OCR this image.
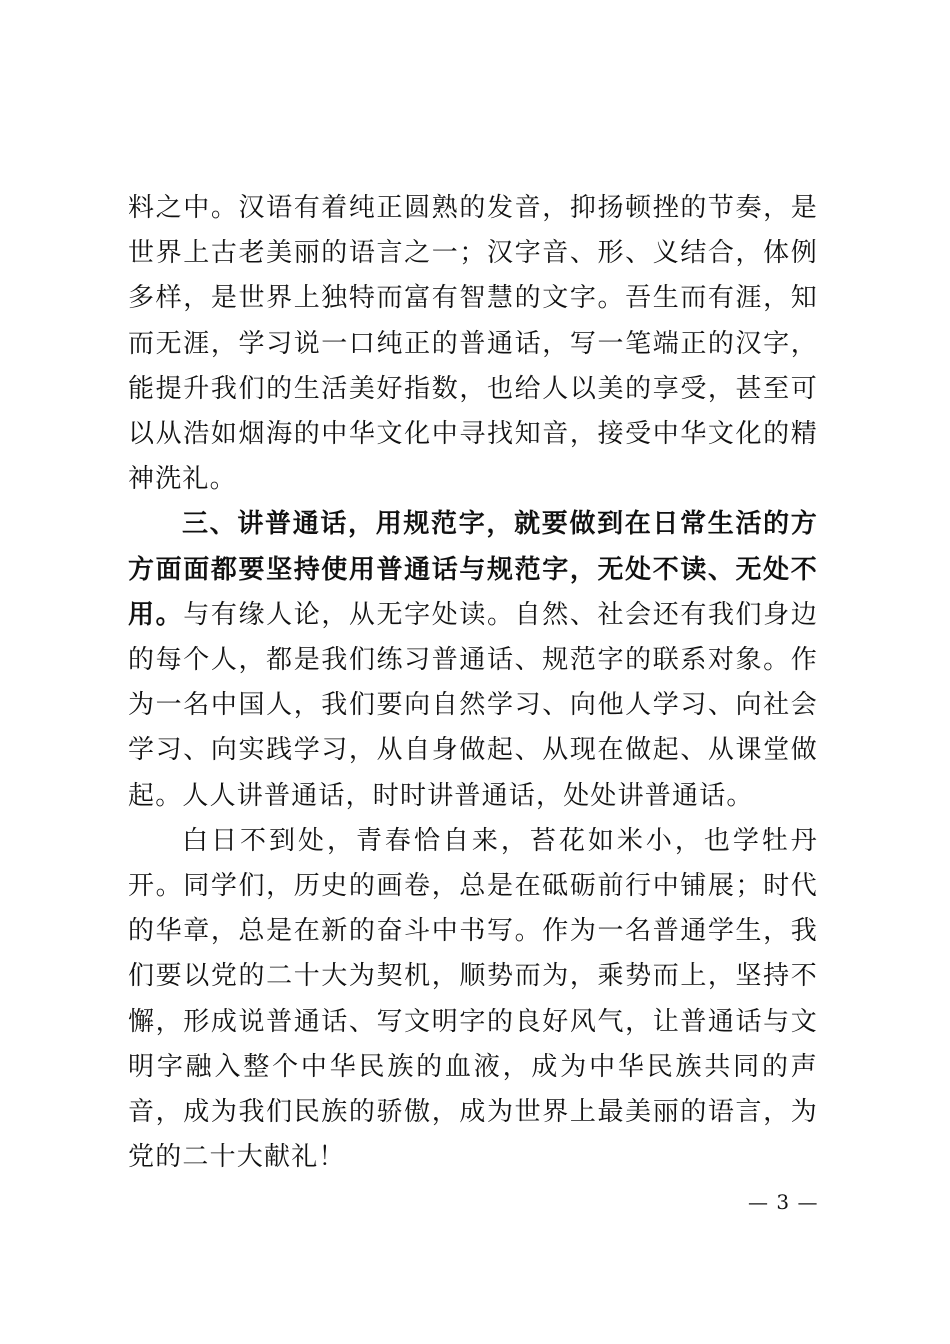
料之中。汉语有着纯正圆熟的发音，抑扬顿挫的节奏，是世界上古老美丽的语言之一；汉字音、形、义结合，体例多样，是世界上独特而富有智慧的文字。吾生而有涯，知而无涯，学习说一口纯正的普通话，写一笔端正的汉字，能提升我们的生活美好指数，也给人以美的享受，甚至可以从浩如烟海的中华文化中寻找知音，接受中华文化的精神洗礼。

三、讲普通话，用规范字，就要做到在日常生活的方方面面都要坚持使用普通话与规范字，无处不读、无处不用。与有缘人论，从无字处读。自然、社会还有我们身边的每个人，都是我们练习普通话、规范字的联系对象。作为一名中国人，我们要向自然学习、向他人学习、向社会学习、向实践学习，从自身做起、从现在做起、从课堂做起。人人讲普通话，时时讲普通话，处处讲普通话。

白日不到处，青春恰自来，苔花如米小，也学牡丹开。同学们，历史的画卷，总是在砥砺前行中铺展；时代的华章，总是在新的奋斗中书写。作为一名普通学生，我们要以党的二十大为契机，顺势而为，乘势而上，坚持不懈，形成说普通话、写文明字的良好风气，让普通话与文明字融入整个中华民族的血液，成为中华民族共同的声音，成为我们民族的骄傲，成为世界上最美丽的语言，为党的二十大献礼！

— 3 —
